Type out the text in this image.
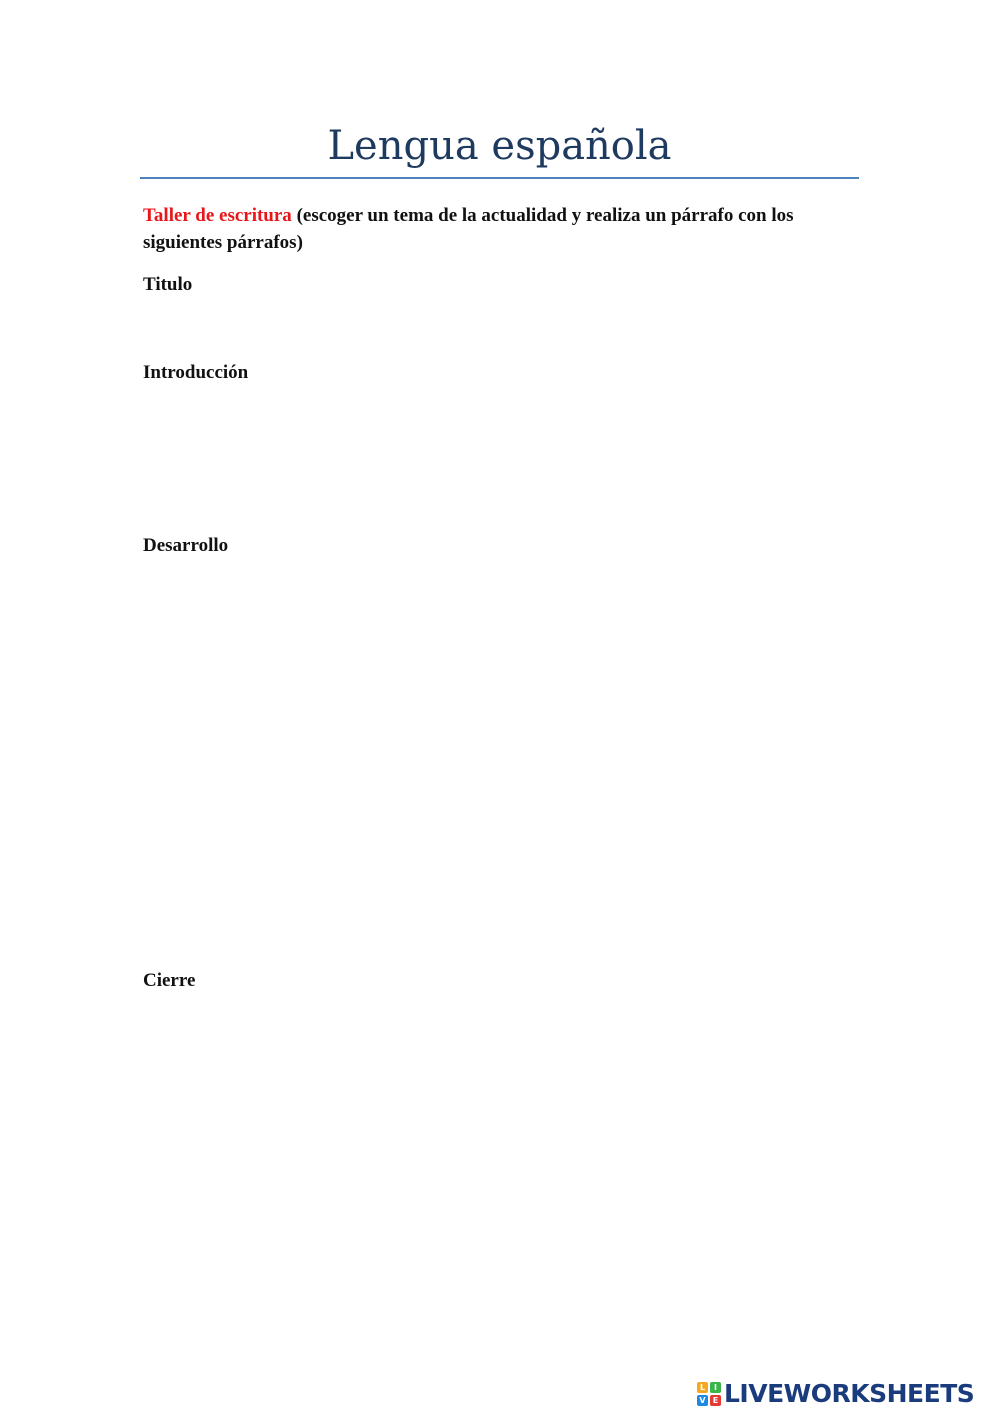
Lengua española

Taller de escritura (escoger un tema de la actualidad y realiza un párrafo con los siguientes párrafos)

Titulo

Introducción

Desarrollo

Cierre

L	I
V E LIVEWORKSHEETS
